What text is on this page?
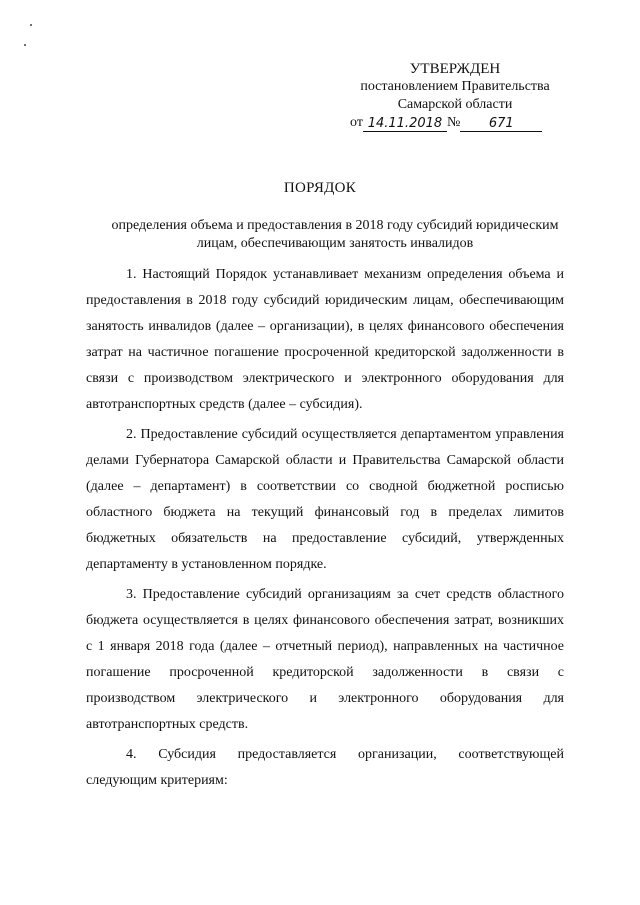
УТВЕРЖДЕН
постановлением Правительства
Самарской области
от 14.11.2018 №	671
ПОРЯДОК
определения объема и предоставления в 2018 году субсидий юридическим лицам, обеспечивающим занятость инвалидов

1. Настоящий Порядок устанавливает механизм определения объема и предоставления в 2018 году субсидий юридическим лицам, обеспечивающим занятость инвалидов (далее – организации), в целях финансового обеспечения затрат на частичное погашение просроченной кредиторской задолженности в связи с производством электрического и электронного оборудования для автотранспортных средств (далее – субсидия).

2. Предоставление субсидий осуществляется департаментом управления делами Губернатора Самарской области и Правительства Самарской области (далее – департамент) в соответствии со сводной бюджетной росписью областного бюджета на текущий финансовый год в пределах лимитов бюджетных обязательств на предоставление субсидий, утвержденных департаменту в установленном порядке.

3. Предоставление субсидий организациям за счет средств областного бюджета осуществляется в целях финансового обеспечения затрат, возникших с 1 января 2018 года (далее – отчетный период), направленных на частичное погашение просроченной кредиторской задолженности в связи с производством электрического и электронного оборудования для автотранспортных средств.

4. Субсидия предоставляется организации, соответствующей следующим критериям:
